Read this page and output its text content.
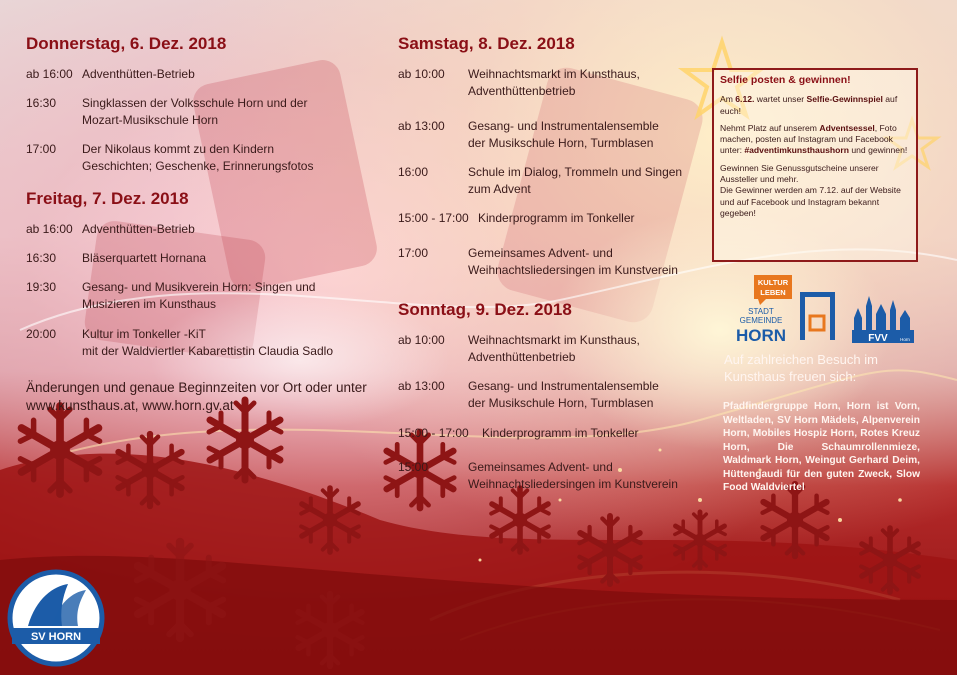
Donnerstag, 6. Dez. 2018
ab 16:00 Adventhütten-Betrieb
16:30 Singklassen der Volksschule Horn und der
Mozart-Musikschule Horn
17:00 Der Nikolaus kommt zu den Kindern
Geschichten; Geschenke, Erinnerungsfotos
Freitag, 7. Dez. 2018
ab 16:00 Adventhütten-Betrieb
16:30 Bläserquartett Hornana
19:30 Gesang- und Musikverein Horn: Singen und
Musizieren im Kunsthaus
20:00 Kultur im Tonkeller -KiT
mit der Waldviertler Kabarettistin Claudia Sadlo
Änderungen und genaue Beginnzeiten vor Ort oder unter
www.kunsthaus.at, www.horn.gv.at
Samstag, 8. Dez. 2018
ab 10:00 Weihnachtsmarkt im Kunsthaus,
Adventhüttenbetrieb
ab 13:00 Gesang- und Instrumentalensemble
der Musikschule Horn, Turmblasen
16:00	Schule im Dialog, Trommeln und Singen
zum Advent
15:00 - 17:00 Kinderprogramm im Tonkeller
17:00	Gemeinsames Advent- und
Weihnachtsliedersingen im Kunstverein
Sonntag, 9. Dez. 2018
ab 10:00 Weihnachtsmarkt im Kunsthaus,
Adventhüttenbetrieb
ab 13:00 Gesang- und Instrumentalensemble
der Musikschule Horn, Turmblasen
15:00 - 17:00 Kinderprogramm im Tonkeller
15:00	Gemeinsames Advent- und
Weihnachtsliedersingen im Kunstverein
Selfie posten & gewinnen!

Am 6.12. wartet unser Selfie-Gewinnspiel auf euch!

Nehmt Platz auf unserem Adventsessel, Foto machen, posten auf Instagram und Facebook unter: #adventimkunsthaushorn und gewinnen!

Gewinnen Sie Genussgutscheine unserer Aussteller und mehr.

Die Gewinner werden am 7.12. auf der Website und auf Facebook und Instagram bekannt gegeben!

KULTUR
LEBEN
STADT
GEMEINDE
HORN	FVV	Horn
Auf zahlreichen Besuch im
Kunsthaus freuen sich:
Pfadfindergruppe Horn, Horn ist Vorn, Weltladen, SV Horn Mädels, Alpenverein Horn, Mobiles Hospiz Horn, Rotes Kreuz Horn, Die Schaumrollenmieze, Waldmark Horn, Weingut Gerhard Deim, Hüttengaudi für den guten Zweck, Slow Food Waldviertel
SV HORN
